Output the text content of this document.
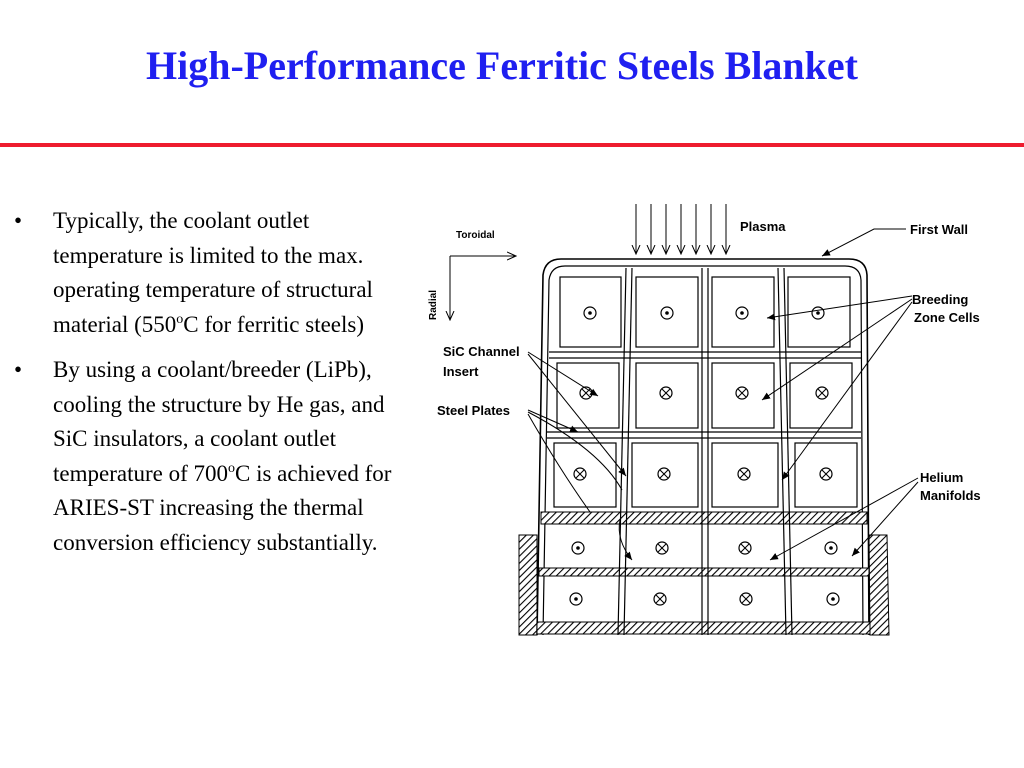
High-Performance Ferritic Steels Blanket
• Typically, the coolant outlet temperature is limited to the max. operating temperature of structural material (550$^o$C for ferritic steels)
• By using a coolant/breeder (LiPb), cooling the structure by He gas, and SiC insulators, a coolant outlet temperature of 700$^o$C is achieved for ARIES-ST increasing the thermal conversion efficiency substantially.
Toroidal
Radial
Plasma	First Wall
Breeding
Zone Cells
SiC Channel
Insert
Steel Plates
Helium
Manifolds
